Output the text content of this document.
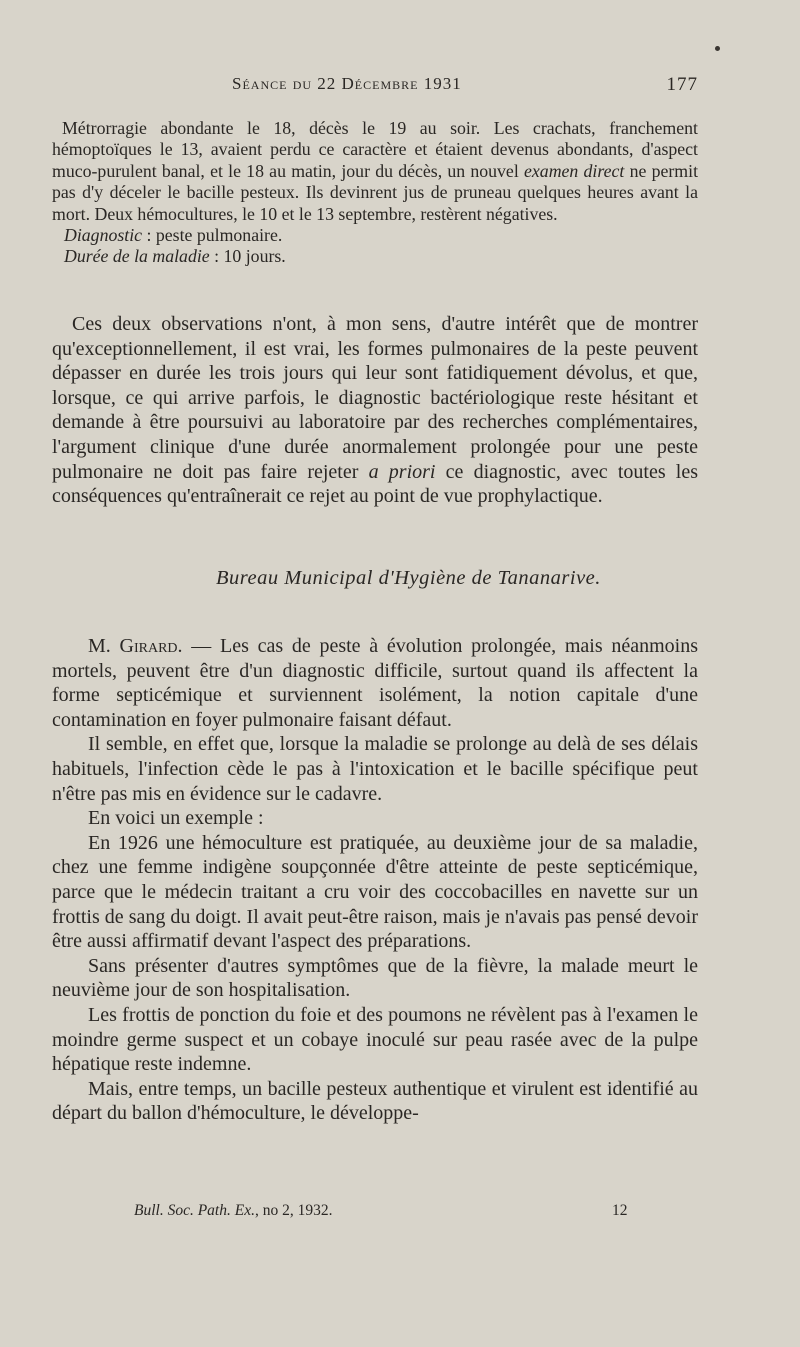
Séance du 22 Décembre 1931	177

Métrorragie abondante le 18, décès le 19 au soir. Les crachats, franchement hémoptoïques le 13, avaient perdu ce caractère et étaient devenus abondants, d'aspect muco-purulent banal, et le 18 au matin, jour du décès, un nouvel examen direct ne permit pas d'y déceler le bacille pesteux. Ils devinrent jus de pruneau quelques heures avant la mort. Deux hémocultures, le 10 et le 13 septembre, restèrent négatives.

Diagnostic : peste pulmonaire.

Durée de la maladie : 10 jours.

Ces deux observations n'ont, à mon sens, d'autre intérêt que de montrer qu'exceptionnellement, il est vrai, les formes pulmonaires de la peste peuvent dépasser en durée les trois jours qui leur sont fatidiquement dévolus, et que, lorsque, ce qui arrive parfois, le diagnostic bactériologique reste hésitant et demande à être poursuivi au laboratoire par des recherches complémentaires, l'argument clinique d'une durée anormalement prolongée pour une peste pulmonaire ne doit pas faire rejeter a priori ce diagnostic, avec toutes les conséquences qu'entraînerait ce rejet au point de vue prophylactique.

Bureau Municipal d'Hygiène de Tananarive.

M. Girard. — Les cas de peste à évolution prolongée, mais néanmoins mortels, peuvent être d'un diagnostic difficile, surtout quand ils affectent la forme septicémique et surviennent isolément, la notion capitale d'une contamination en foyer pulmonaire faisant défaut.

Il semble, en effet que, lorsque la maladie se prolonge au delà de ses délais habituels, l'infection cède le pas à l'intoxication et le bacille spécifique peut n'être pas mis en évidence sur le cadavre.

En voici un exemple :

En 1926 une hémoculture est pratiquée, au deuxième jour de sa maladie, chez une femme indigène soupçonnée d'être atteinte de peste septicémique, parce que le médecin traitant a cru voir des coccobacilles en navette sur un frottis de sang du doigt. Il avait peut-être raison, mais je n'avais pas pensé devoir être aussi affirmatif devant l'aspect des préparations.

Sans présenter d'autres symptômes que de la fièvre, la malade meurt le neuvième jour de son hospitalisation.

Les frottis de ponction du foie et des poumons ne révèlent pas à l'examen le moindre germe suspect et un cobaye inoculé sur peau rasée avec de la pulpe hépatique reste indemne.

Mais, entre temps, un bacille pesteux authentique et virulent est identifié au départ du ballon d'hémoculture, le développe-

Bull. Soc. Path. Ex., no 2, 1932.	12
